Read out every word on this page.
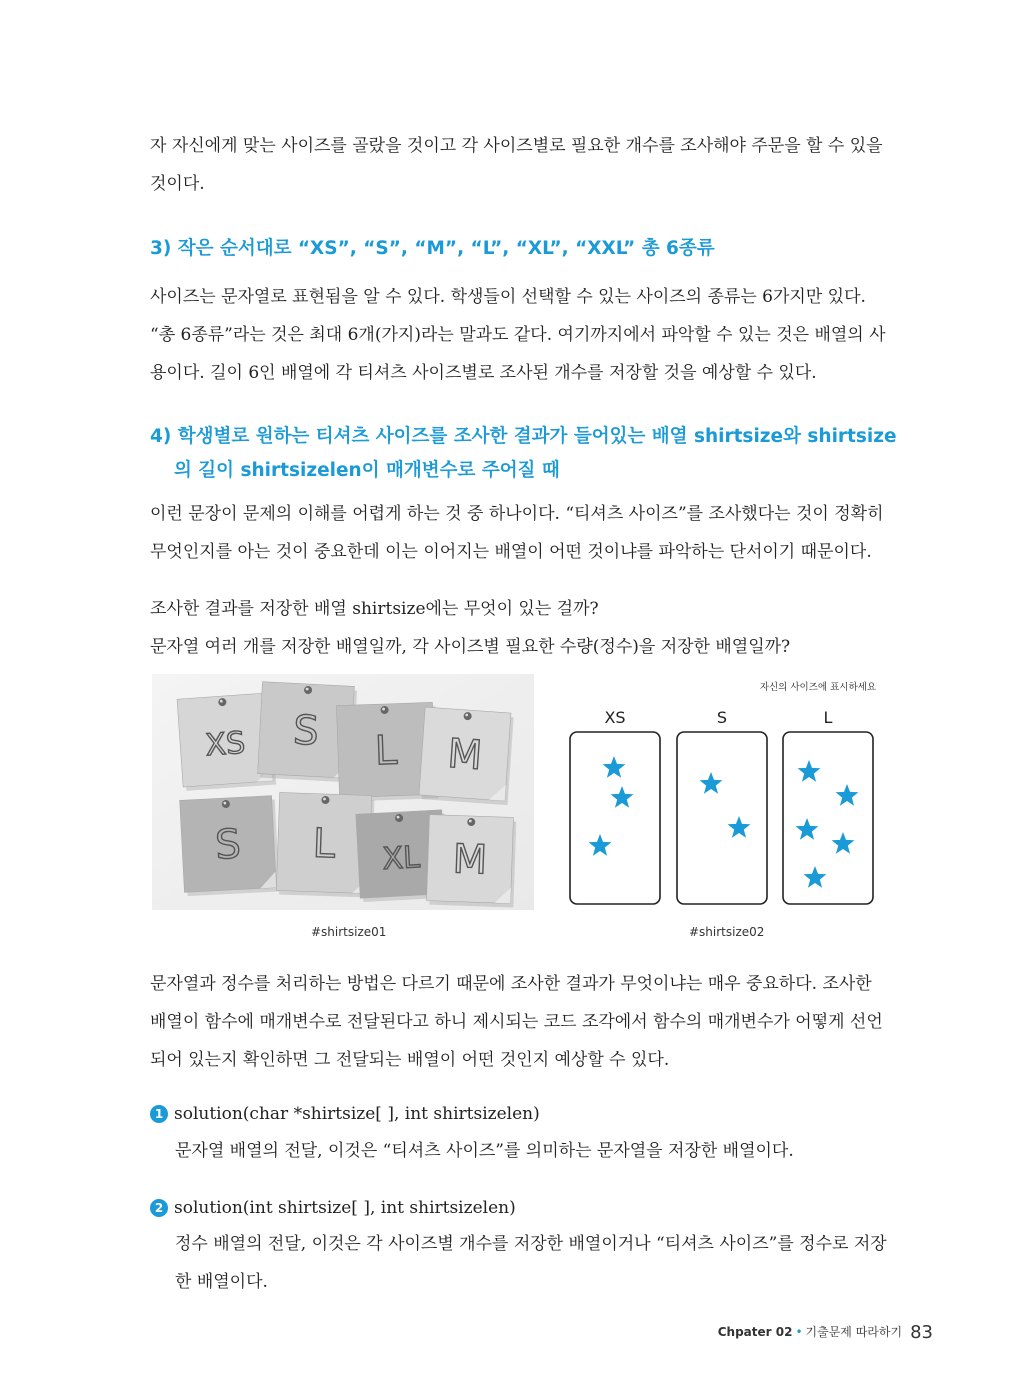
자 자신에게 맞는 사이즈를 골랐을 것이고 각 사이즈별로 필요한 개수를 조사해야 주문을 할 수 있을
것이다.

3) 작은 순서대로 “XS”, “S”, “M”, “L”, “XL”, “XXL” 총 6종류

사이즈는 문자열로 표현됨을 알 수 있다. 학생들이 선택할 수 있는 사이즈의 종류는 6가지만 있다.
“총 6종류”라는 것은 최대 6개(가지)라는 말과도 같다. 여기까지에서 파악할 수 있는 것은 배열의 사
용이다. 길이 6인 배열에 각 티셔츠 사이즈별로 조사된 개수를 저장할 것을 예상할 수 있다.

4) 학생별로 원하는 티셔츠 사이즈를 조사한 결과가 들어있는 배열 shirtsize와 shirtsize
의 길이 shirtsizelen이 매개변수로 주어질 때

이런 문장이 문제의 이해를 어렵게 하는 것 중 하나이다. “티셔츠 사이즈”를 조사했다는 것이 정확히
무엇인지를 아는 것이 중요한데 이는 이어지는 배열이 어떤 것이냐를 파악하는 단서이기 때문이다.

조사한 결과를 저장한 배열 shirtsize에는 무엇이 있는 걸까?
문자열 여러 개를 저장한 배열일까, 각 사이즈별 필요한 수량(정수)을 저장한 배열일까?

XS S L M
S L XL M
#shirtsize01
자신의 사이즈에 표시하세요
XS	S	L
#shirtsize02

문자열과 정수를 처리하는 방법은 다르기 때문에 조사한 결과가 무엇이냐는 매우 중요하다. 조사한
배열이 함수에 매개변수로 전달된다고 하니 제시되는 코드 조각에서 함수의 매개변수가 어떻게 선언
되어 있는지 확인하면 그 전달되는 배열이 어떤 것인지 예상할 수 있다.

1 solution(char *shirtsize[ ], int shirtsizelen)

문자열 배열의 전달, 이것은 “티셔츠 사이즈”를 의미하는 문자열을 저장한 배열이다.

2 solution(int shirtsize[ ], int shirtsizelen)

정수 배열의 전달, 이것은 각 사이즈별 개수를 저장한 배열이거나 “티셔츠 사이즈”를 정수로 저장
한 배열이다.

Chpater 02 • 기출문제 따라하기 83
